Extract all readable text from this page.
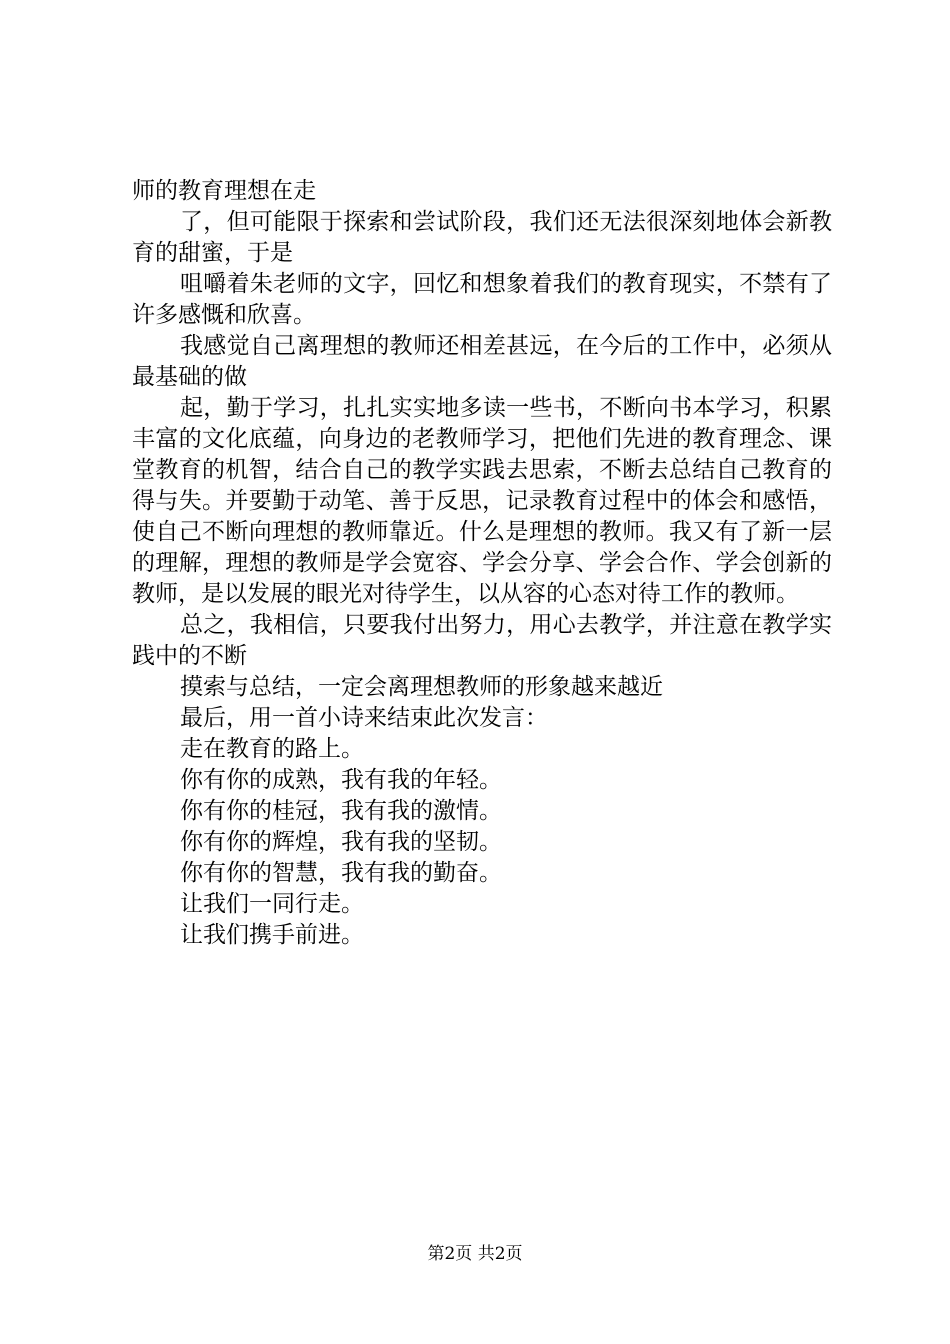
师的教育理想在走

了，但可能限于探索和尝试阶段，我们还无法很深刻地体会新教育的甜蜜，于是

咀嚼着朱老师的文字，回忆和想象着我们的教育现实，不禁有了许多感慨和欣喜。

我感觉自己离理想的教师还相差甚远，在今后的工作中，必须从最基础的做

起，勤于学习，扎扎实实地多读一些书，不断向书本学习，积累丰富的文化底蕴，向身边的老教师学习，把他们先进的教育理念、课堂教育的机智，结合自己的教学实践去思索，不断去总结自己教育的得与失。并要勤于动笔、善于反思，记录教育过程中的体会和感悟，使自己不断向理想的教师靠近。什么是理想的教师。我又有了新一层的理解，理想的教师是学会宽容、学会分享、学会合作、学会创新的教师，是以发展的眼光对待学生，以从容的心态对待工作的教师。

总之，我相信，只要我付出努力，用心去教学，并注意在教学实践中的不断

摸索与总结，一定会离理想教师的形象越来越近

最后，用一首小诗来结束此次发言：

走在教育的路上。

你有你的成熟，我有我的年轻。

你有你的桂冠，我有我的激情。

你有你的辉煌，我有我的坚韧。

你有你的智慧，我有我的勤奋。

让我们一同行走。

让我们携手前进。

第2页 共2页
